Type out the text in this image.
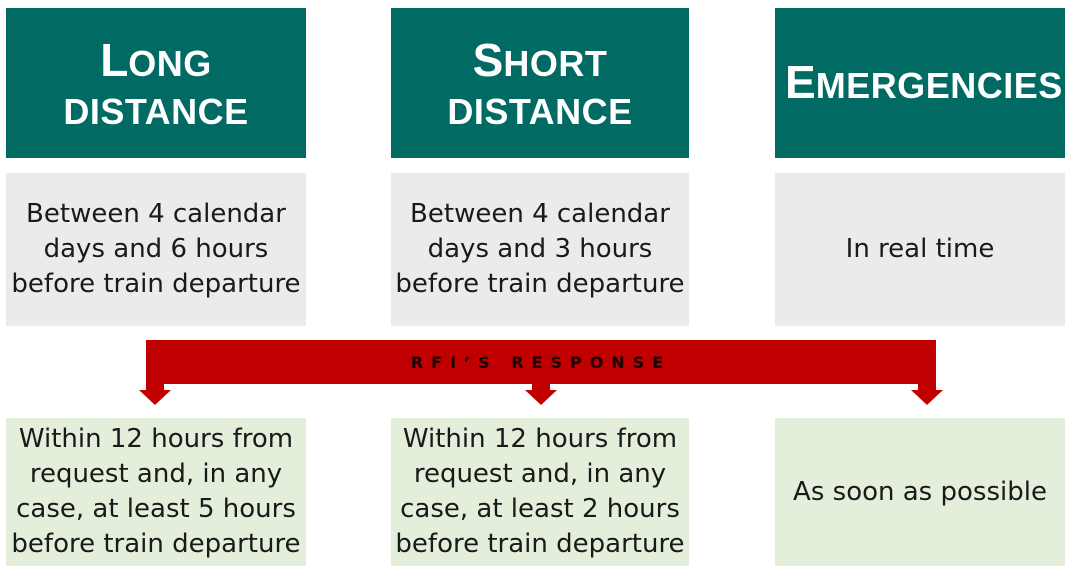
LONG
DISTANCE
SHORT
DISTANCE
EMERGENCIES
Between 4 calendar
days and 6 hours
before train departure
Between 4 calendar
days and 3 hours
before train departure
In real time
RFI’S RESPONSE
Within 12 hours from
request and, in any
case, at least 5 hours
before train departure
Within 12 hours from
request and, in any
case, at least 2 hours
before train departure
As soon as possible
